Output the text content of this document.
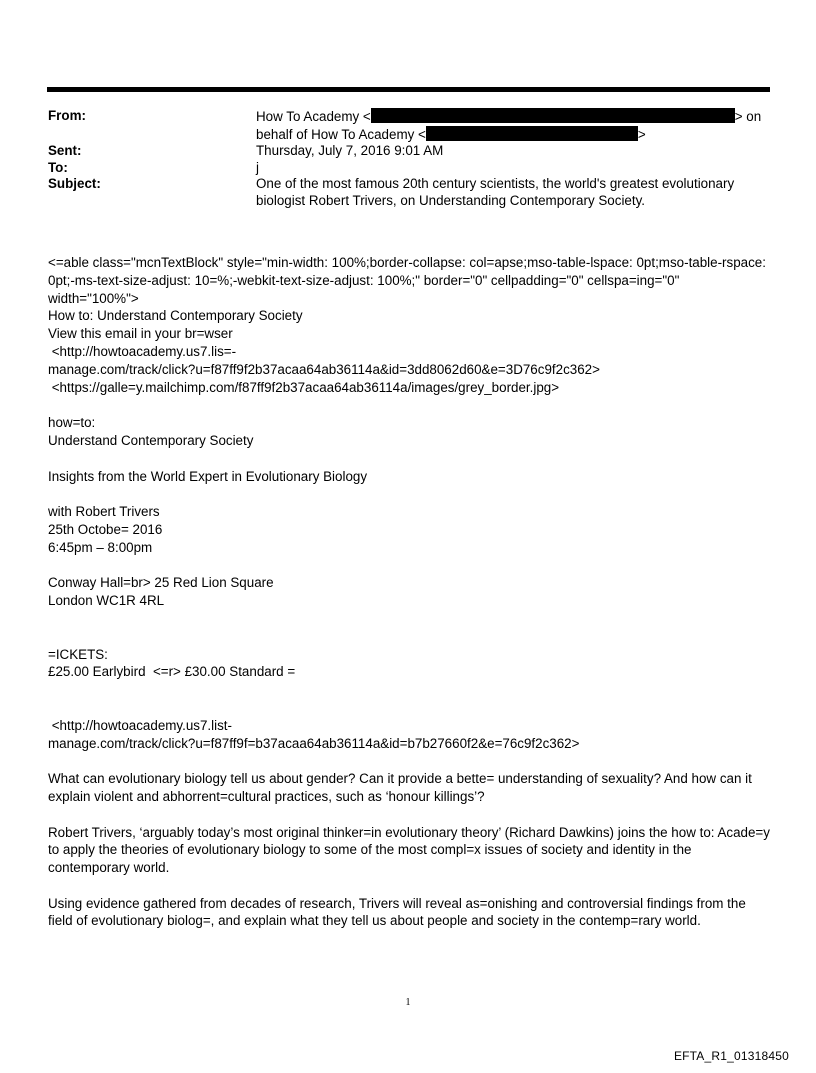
From:	How To Academy <	> on
behalf of How To Academy <	>
Sent:	Thursday, July 7, 2016 9:01 AM
To:	j
Subject:	One of the most famous 20th century scientists, the world's greatest evolutionary biologist Robert Trivers, on Understanding Contemporary Society.

<=able class="mcnTextBlock" style="min-width: 100%;border-collapse: col=apse;mso-table-lspace: 0pt;mso-table-rspace: 0pt;-ms-text-size-adjust: 10=%;-webkit-text-size-adjust: 100%;" border="0" cellpadding="0" cellspa=ing="0" width="100%">

How to: Understand Contemporary Society

View this email in your br=wser

<http://howtoacademy.us7.lis=-

manage.com/track/click?u=f87ff9f2b37acaa64ab36114a&id=3dd8062d60&e=3D76c9f2c362>

<https://galle=y.mailchimp.com/f87ff9f2b37acaa64ab36114a/images/grey_border.jpg>

how=to:

Understand Contemporary Society

Insights from the World Expert in Evolutionary Biology

with Robert Trivers

25th Octobe= 2016

6:45pm – 8:00pm

Conway Hall=br> 25 Red Lion Square

London WC1R 4RL

=ICKETS:

£25.00 Earlybird  <=r> £30.00 Standard =

<http://howtoacademy.us7.list-

manage.com/track/click?u=f87ff9f=b37acaa64ab36114a&id=b7b27660f2&e=76c9f2c362>

What can evolutionary biology tell us about gender? Can it provide a bette= understanding of sexuality? And how can it explain violent and abhorrent=cultural practices, such as ‘honour killings’?

Robert Trivers, ‘arguably today’s most original thinker=in evolutionary theory’ (Richard Dawkins) joins the how to: Acade=y to apply the theories of evolutionary biology to some of the most compl=x issues of society and identity in the contemporary world.

Using evidence gathered from decades of research, Trivers will reveal as=onishing and controversial findings from the field of evolutionary biolog=, and explain what they tell us about people and society in the contemp=rary world.

1
EFTA_R1_01318450
